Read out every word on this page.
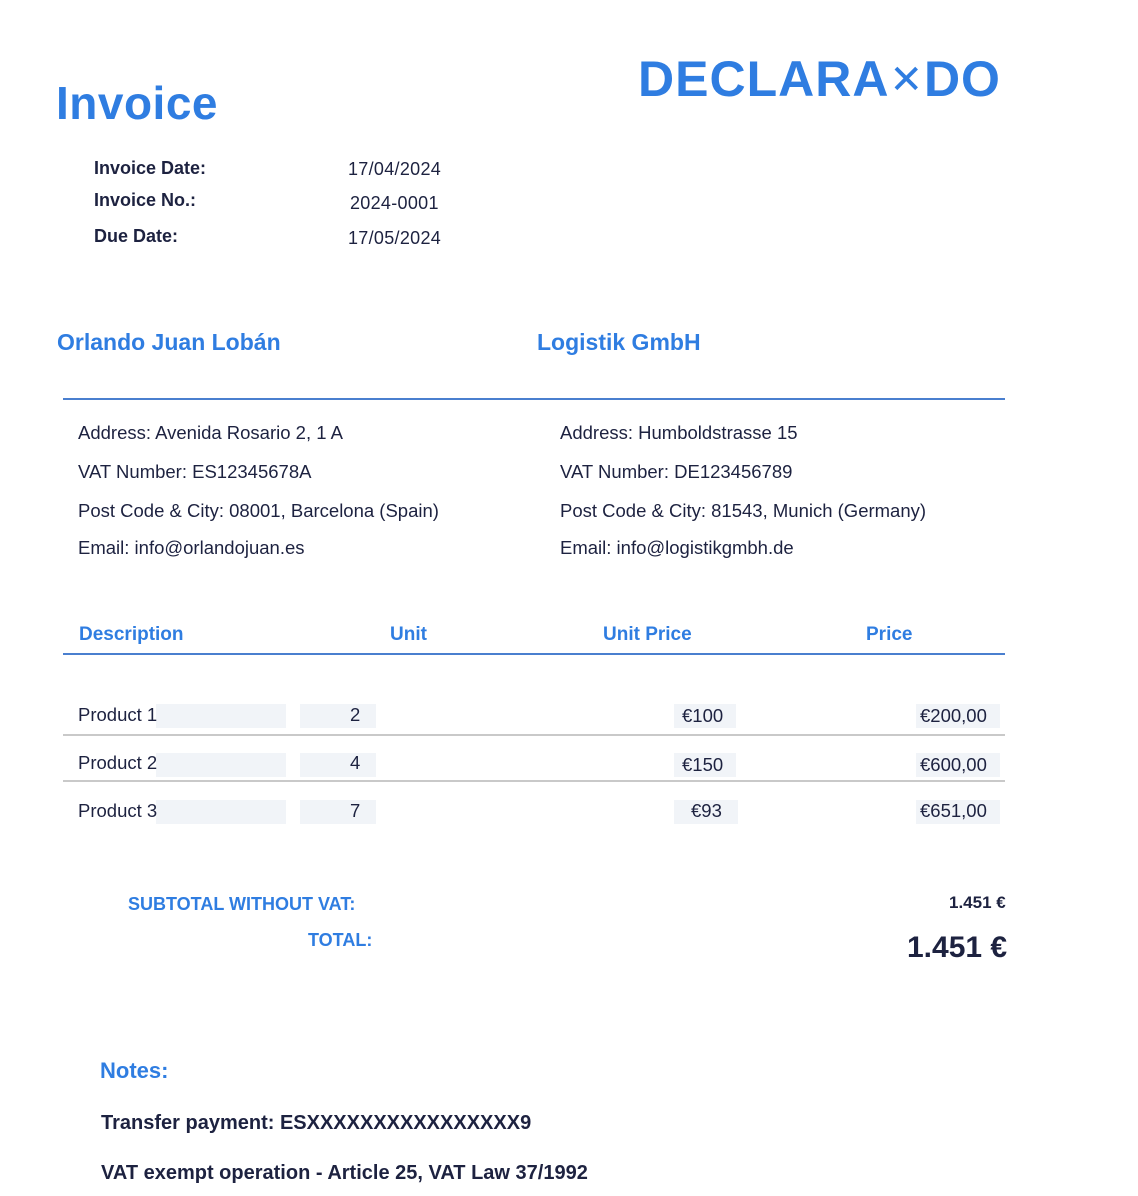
Invoice	DECLARA✕DO
Invoice Date:	17/04/2024
Invoice No.:	2024-0001
Due Date:	17/05/2024
Orlando Juan Lobán	Logistik GmbH
Address: Avenida Rosario 2, 1 A
VAT Number: ES12345678A
Post Code & City: 08001, Barcelona (Spain)
Email: info@orlandojuan.es
Address: Humboldstrasse 15
VAT Number: DE123456789
Post Code & City: 81543, Munich (Germany)
Email: info@logistikgmbh.de
Description	Unit	Unit Price	Price
Product 1	2	€100	€200,00
Product 2	4	€150	€600,00
Product 3	7	€93	€651,00
SUBTOTAL WITHOUT VAT:	1.451 €
TOTAL:	1.451 €
Notes:
Transfer payment: ESXXXXXXXXXXXXXXXX9
VAT exempt operation - Article 25, VAT Law 37/1992
